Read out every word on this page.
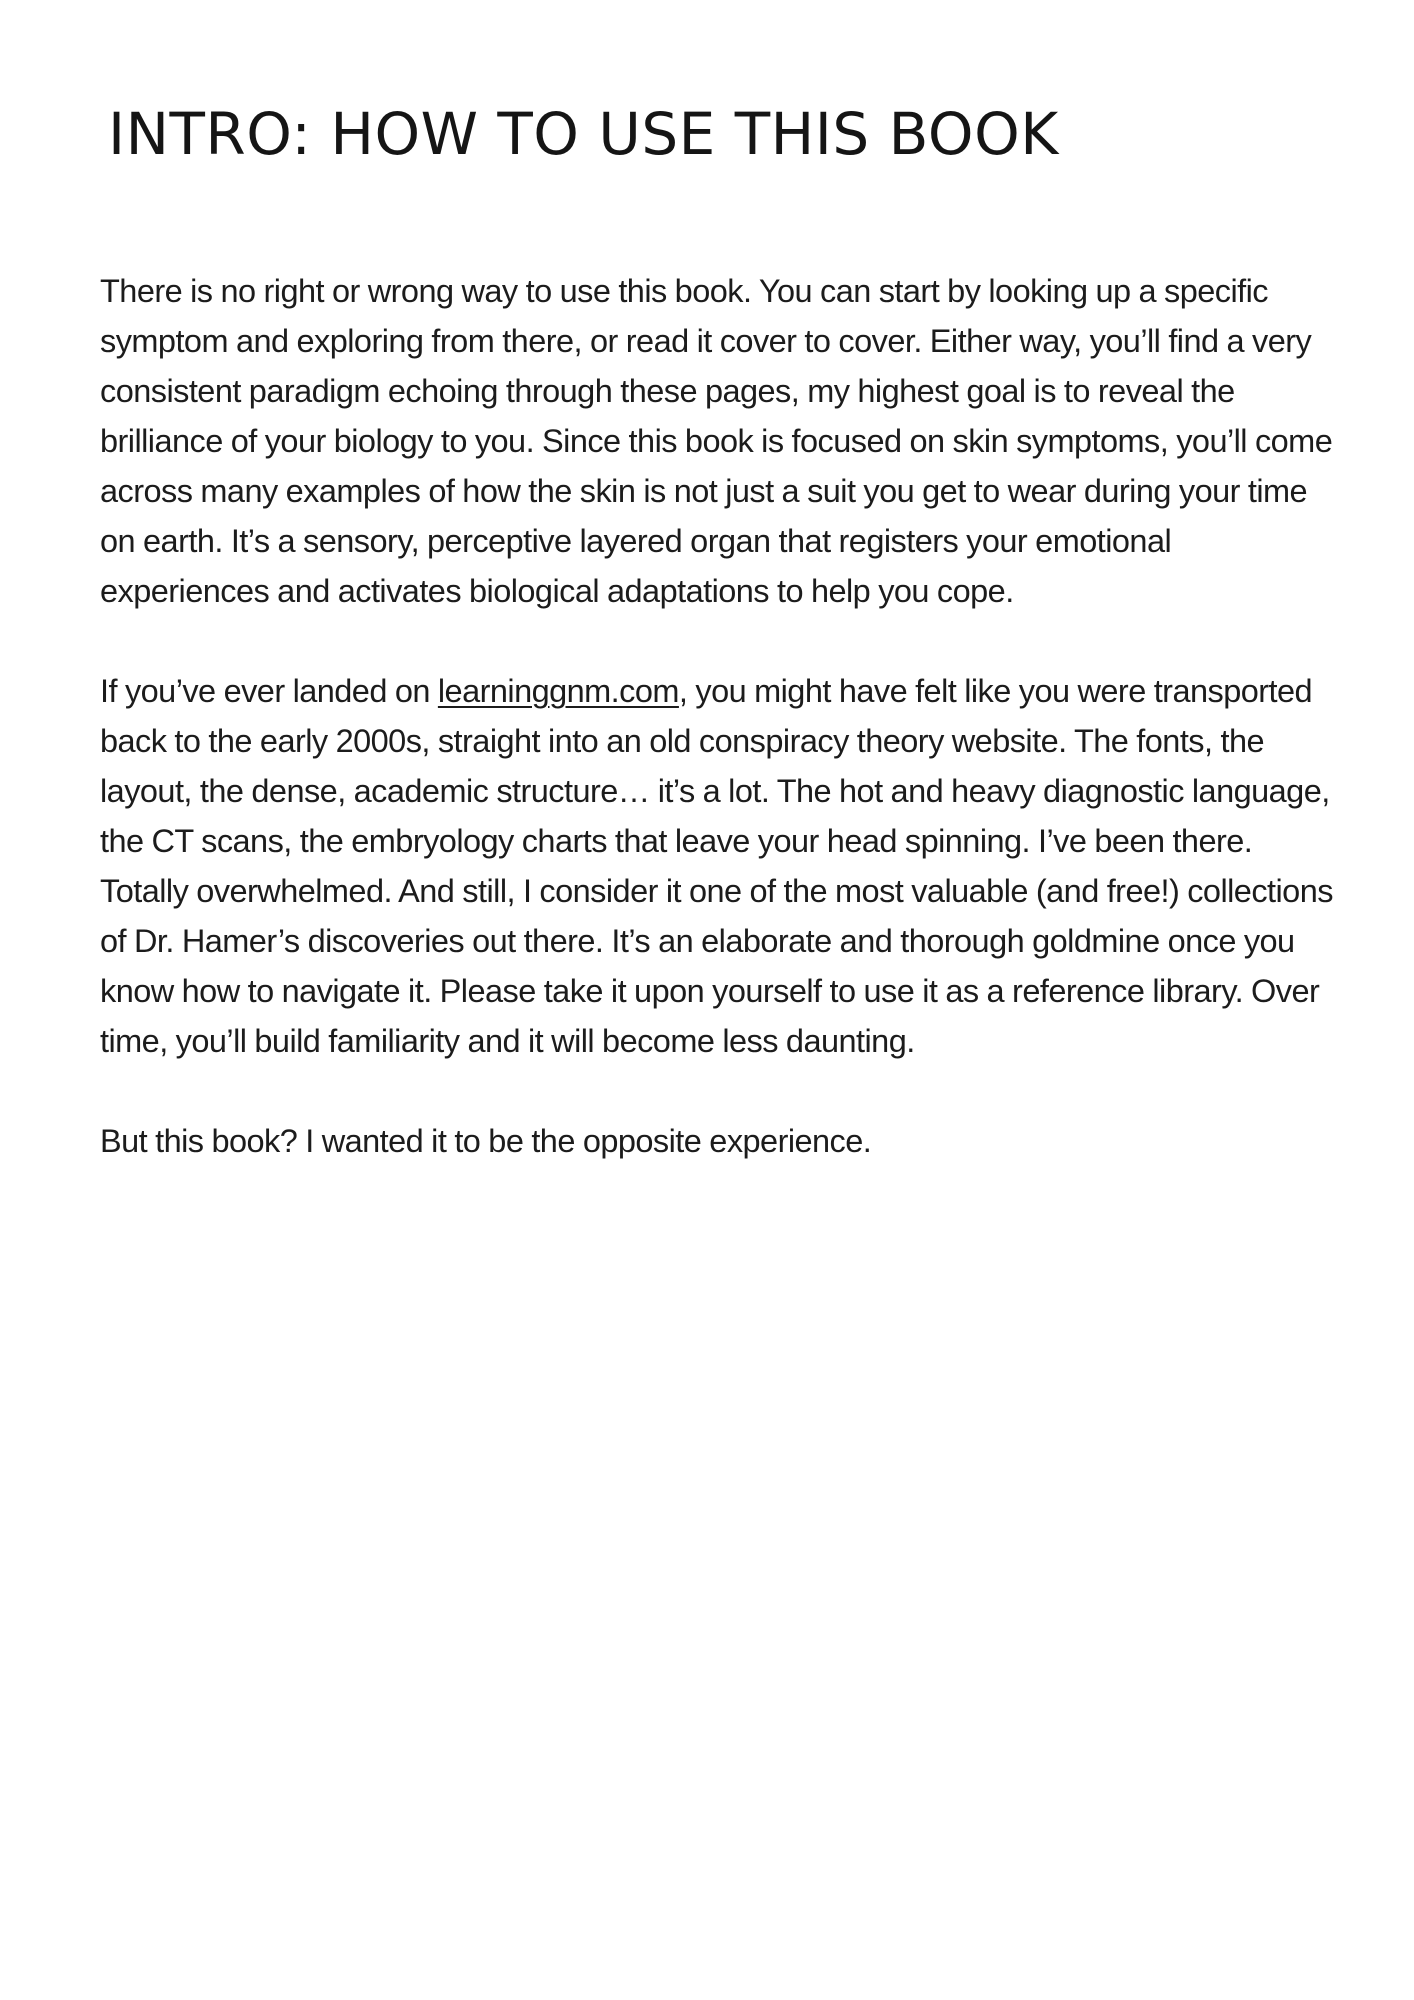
INTRO: HOW TO USE THIS BOOK

There is no right or wrong way to use this book. You can start by looking up a specific symptom and exploring from there, or read it cover to cover. Either way, you’ll find a very consistent paradigm echoing through these pages, my highest goal is to reveal the brilliance of your biology to you. Since this book is focused on skin symptoms, you’ll come across many examples of how the skin is not just a suit you get to wear during your time on earth. It’s a sensory, perceptive layered organ that registers your emotional experiences and activates biological adaptations to help you cope.

If you’ve ever landed on learninggnm.com, you might have felt like you were transported back to the early 2000s, straight into an old conspiracy theory website. The fonts, the layout, the dense, academic structure… it’s a lot. The hot and heavy diagnostic language, the CT scans, the embryology charts that leave your head spinning. I’ve been there. Totally overwhelmed. And still, I consider it one of the most valuable (and free!) collections of Dr. Hamer’s discoveries out there. It’s an elaborate and thorough goldmine once you know how to navigate it. Please take it upon yourself to use it as a reference library. Over time, you’ll build familiarity and it will become less daunting.

But this book? I wanted it to be the opposite experience.
